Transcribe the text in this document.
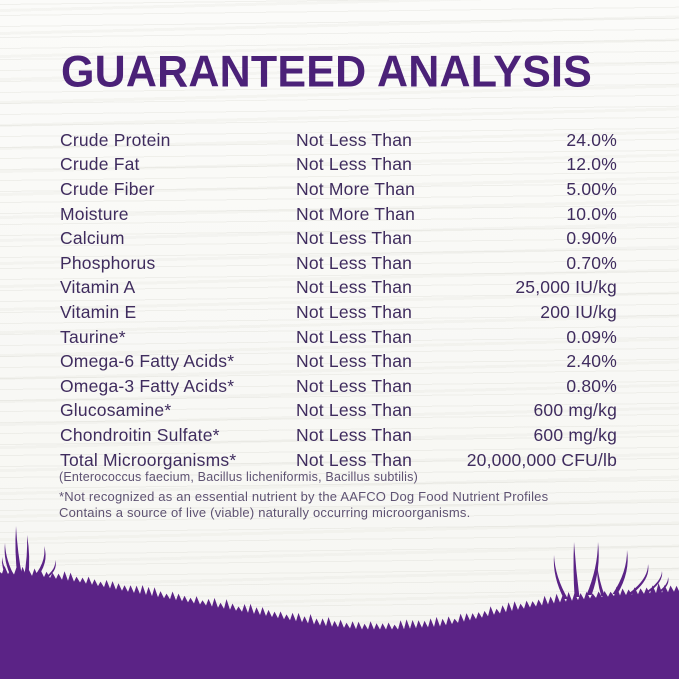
GUARANTEED ANALYSIS
Crude Protein	Not Less Than	24.0%
Crude Fat	Not Less Than	12.0%
Crude Fiber	Not More Than	5.00%
Moisture	Not More Than	10.0%
Calcium	Not Less Than	0.90%
Phosphorus	Not Less Than	0.70%
Vitamin A	Not Less Than	25,000 IU/kg
Vitamin E	Not Less Than	200 IU/kg
Taurine*	Not Less Than	0.09%
Omega-6 Fatty Acids*	Not Less Than	2.40%
Omega-3 Fatty Acids*	Not Less Than	0.80%
Glucosamine*	Not Less Than	600 mg/kg
Chondroitin Sulfate*	Not Less Than	600 mg/kg
Total Microorganisms*	Not Less Than	20,000,000 CFU/lb
(Enterococcus faecium, Bacillus licheniformis, Bacillus subtilis)
*Not recognized as an essential nutrient by the AAFCO Dog Food Nutrient Profiles
Contains a source of live (viable) naturally occurring microorganisms.
